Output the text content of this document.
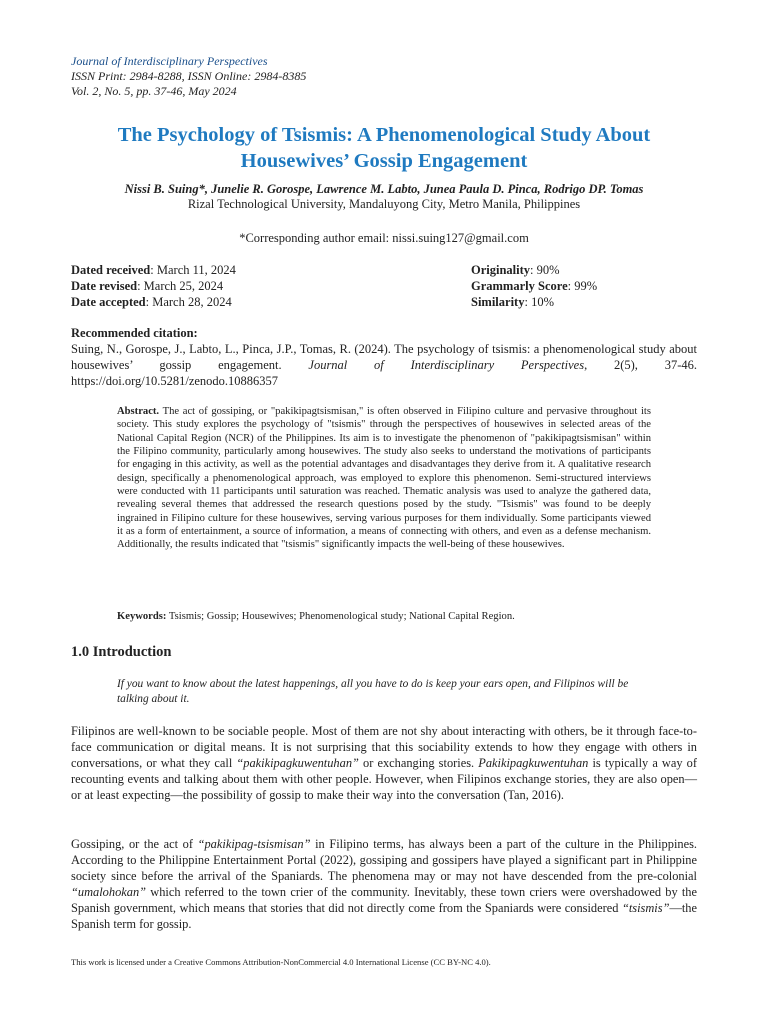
Journal of Interdisciplinary Perspectives
ISSN Print: 2984-8288, ISSN Online: 2984-8385
Vol. 2, No. 5, pp. 37-46, May 2024
The Psychology of Tsismis: A Phenomenological Study About
Housewives’ Gossip Engagement
Nissi B. Suing*, Junelie R. Gorospe, Lawrence M. Labto, Junea Paula D. Pinca, Rodrigo DP. Tomas
Rizal Technological University, Mandaluyong City, Metro Manila, Philippines
*Corresponding author email: nissi.suing127@gmail.com
Dated received: March 11, 2024
Date revised: March 25, 2024
Date accepted: March 28, 2024
Originality: 90%
Grammarly Score: 99%
Similarity: 10%
Recommended citation:
Suing, N., Gorospe, J., Labto, L., Pinca, J.P., Tomas, R. (2024). The psychology of tsismis: a phenomenological study about housewives’ gossip engagement. Journal of Interdisciplinary Perspectives, 2(5), 37-46. https://doi.org/10.5281/zenodo.10886357
Abstract. The act of gossiping, or "pakikipagtsismisan," is often observed in Filipino culture and pervasive throughout its society. This study explores the psychology of "tsismis" through the perspectives of housewives in selected areas of the National Capital Region (NCR) of the Philippines. Its aim is to investigate the phenomenon of "pakikipagtsismisan" within the Filipino community, particularly among housewives. The study also seeks to understand the motivations of participants for engaging in this activity, as well as the potential advantages and disadvantages they derive from it. A qualitative research design, specifically a phenomenological approach, was employed to explore this phenomenon. Semi-structured interviews were conducted with 11 participants until saturation was reached. Thematic analysis was used to analyze the gathered data, revealing several themes that addressed the research questions posed by the study. "Tsismis" was found to be deeply ingrained in Filipino culture for these housewives, serving various purposes for them individually. Some participants viewed it as a form of entertainment, a source of information, a means of connecting with others, and even as a defense mechanism. Additionally, the results indicated that "tsismis" significantly impacts the well-being of these housewives.
Keywords: Tsismis; Gossip; Housewives; Phenomenological study; National Capital Region.
1.0 Introduction
If you want to know about the latest happenings, all you have to do is keep your ears open, and Filipinos will be talking about it.
Filipinos are well-known to be sociable people. Most of them are not shy about interacting with others, be it through face-to-face communication or digital means. It is not surprising that this sociability extends to how they engage with others in conversations, or what they call “pakikipagkuwentuhan” or exchanging stories. Pakikipagkuwentuhan is typically a way of recounting events and talking about them with other people. However, when Filipinos exchange stories, they are also open—or at least expecting—the possibility of gossip to make their way into the conversation (Tan, 2016).
Gossiping, or the act of “pakikipag-tsismisan” in Filipino terms, has always been a part of the culture in the Philippines. According to the Philippine Entertainment Portal (2022), gossiping and gossipers have played a significant part in Philippine society since before the arrival of the Spaniards. The phenomena may or may not have descended from the pre-colonial “umalohokan” which referred to the town crier of the community. Inevitably, these town criers were overshadowed by the Spanish government, which means that stories that did not directly come from the Spaniards were considered “tsismis”—the Spanish term for gossip.
This work is licensed under a Creative Commons Attribution-NonCommercial 4.0 International License (CC BY-NC 4.0).
